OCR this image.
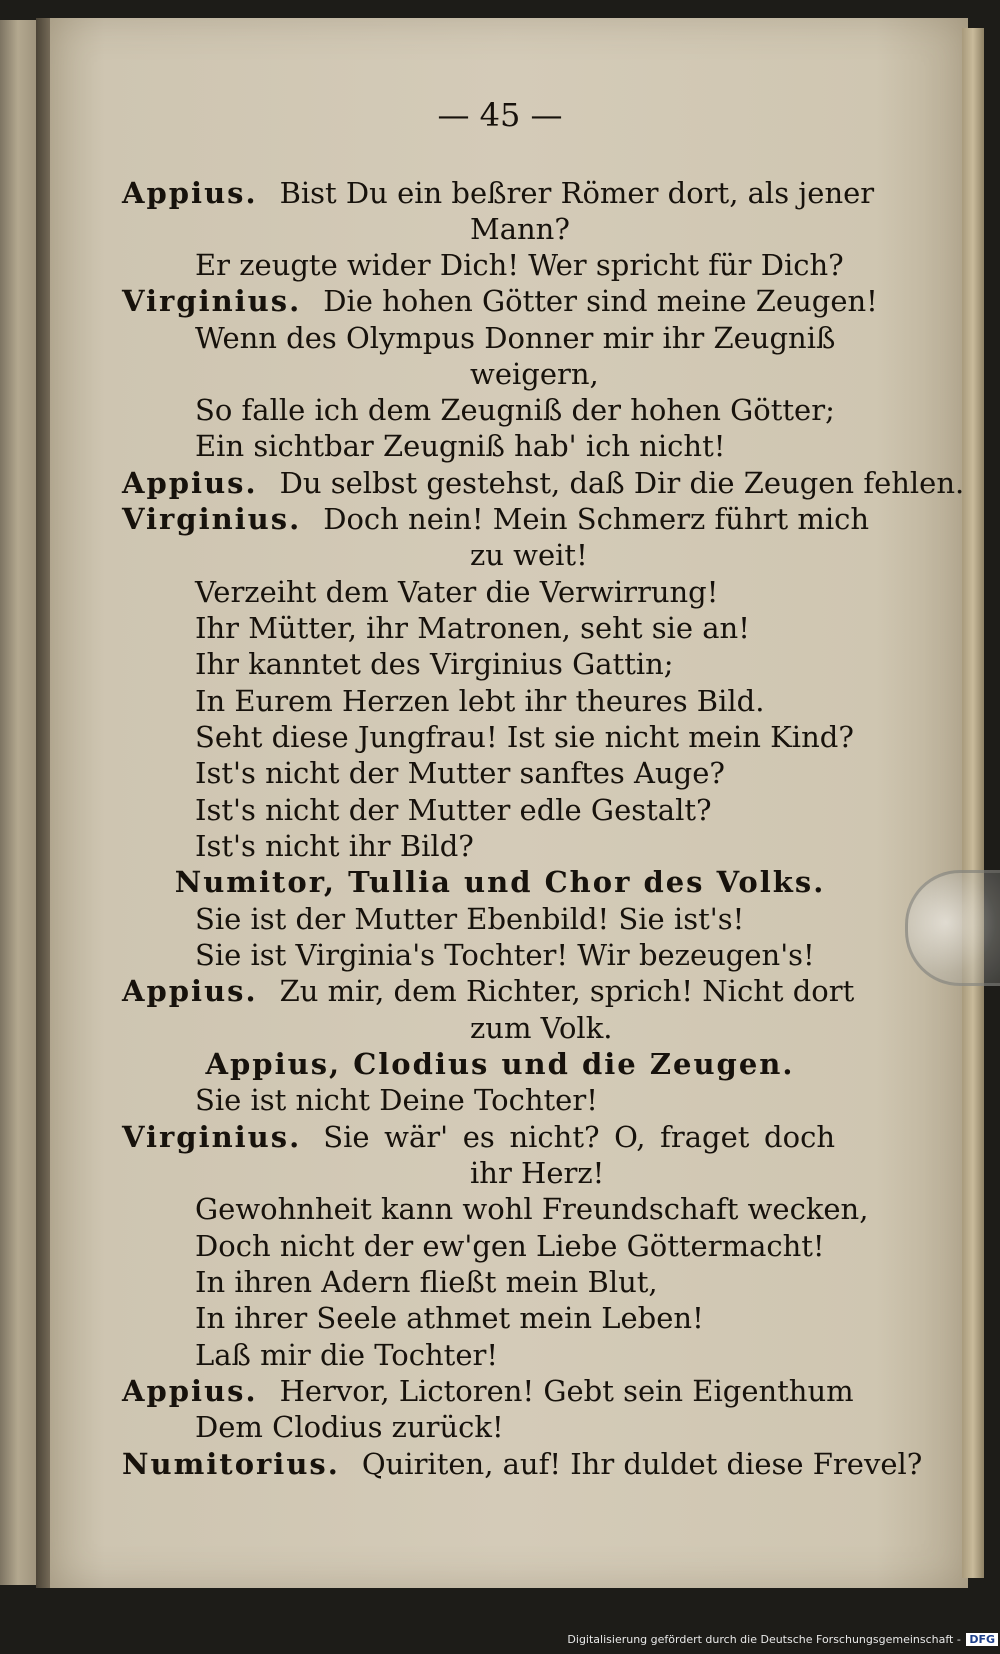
— 45 —
Appius. Bist Du ein beßrer Römer dort, als jener
Mann?
Er zeugte wider Dich! Wer spricht für Dich?
Virginius. Die hohen Götter sind meine Zeugen!
Wenn des Olympus Donner mir ihr Zeugniß
weigern,
So falle ich dem Zeugniß der hohen Götter;
Ein sichtbar Zeugniß hab' ich nicht!
Appius. Du selbst gestehst, daß Dir die Zeugen fehlen.
Virginius. Doch nein! Mein Schmerz führt mich
zu weit!
Verzeiht dem Vater die Verwirrung!
Ihr Mütter, ihr Matronen, seht sie an!
Ihr kanntet des Virginius Gattin;
In Eurem Herzen lebt ihr theures Bild.
Seht diese Jungfrau! Ist sie nicht mein Kind?
Ist's nicht der Mutter sanftes Auge?
Ist's nicht der Mutter edle Gestalt?
Ist's nicht ihr Bild?
Numitor, Tullia und Chor des Volks.
Sie ist der Mutter Ebenbild! Sie ist's!
Sie ist Virginia's Tochter! Wir bezeugen's!
Appius. Zu mir, dem Richter, sprich! Nicht dort
zum Volk.
Appius, Clodius und die Zeugen.
Sie ist nicht Deine Tochter!
Virginius. Sie wär' es nicht? O, fraget doch
ihr Herz!
Gewohnheit kann wohl Freundschaft wecken,
Doch nicht der ew'gen Liebe Göttermacht!
In ihren Adern fließt mein Blut,
In ihrer Seele athmet mein Leben!
Laß mir die Tochter!
Appius. Hervor, Lictoren! Gebt sein Eigenthum
Dem Clodius zurück!
Numitorius. Quiriten, auf! Ihr duldet diese Frevel?
Digitalisierung gefördert durch die Deutsche Forschungsgemeinschaft - DFG
